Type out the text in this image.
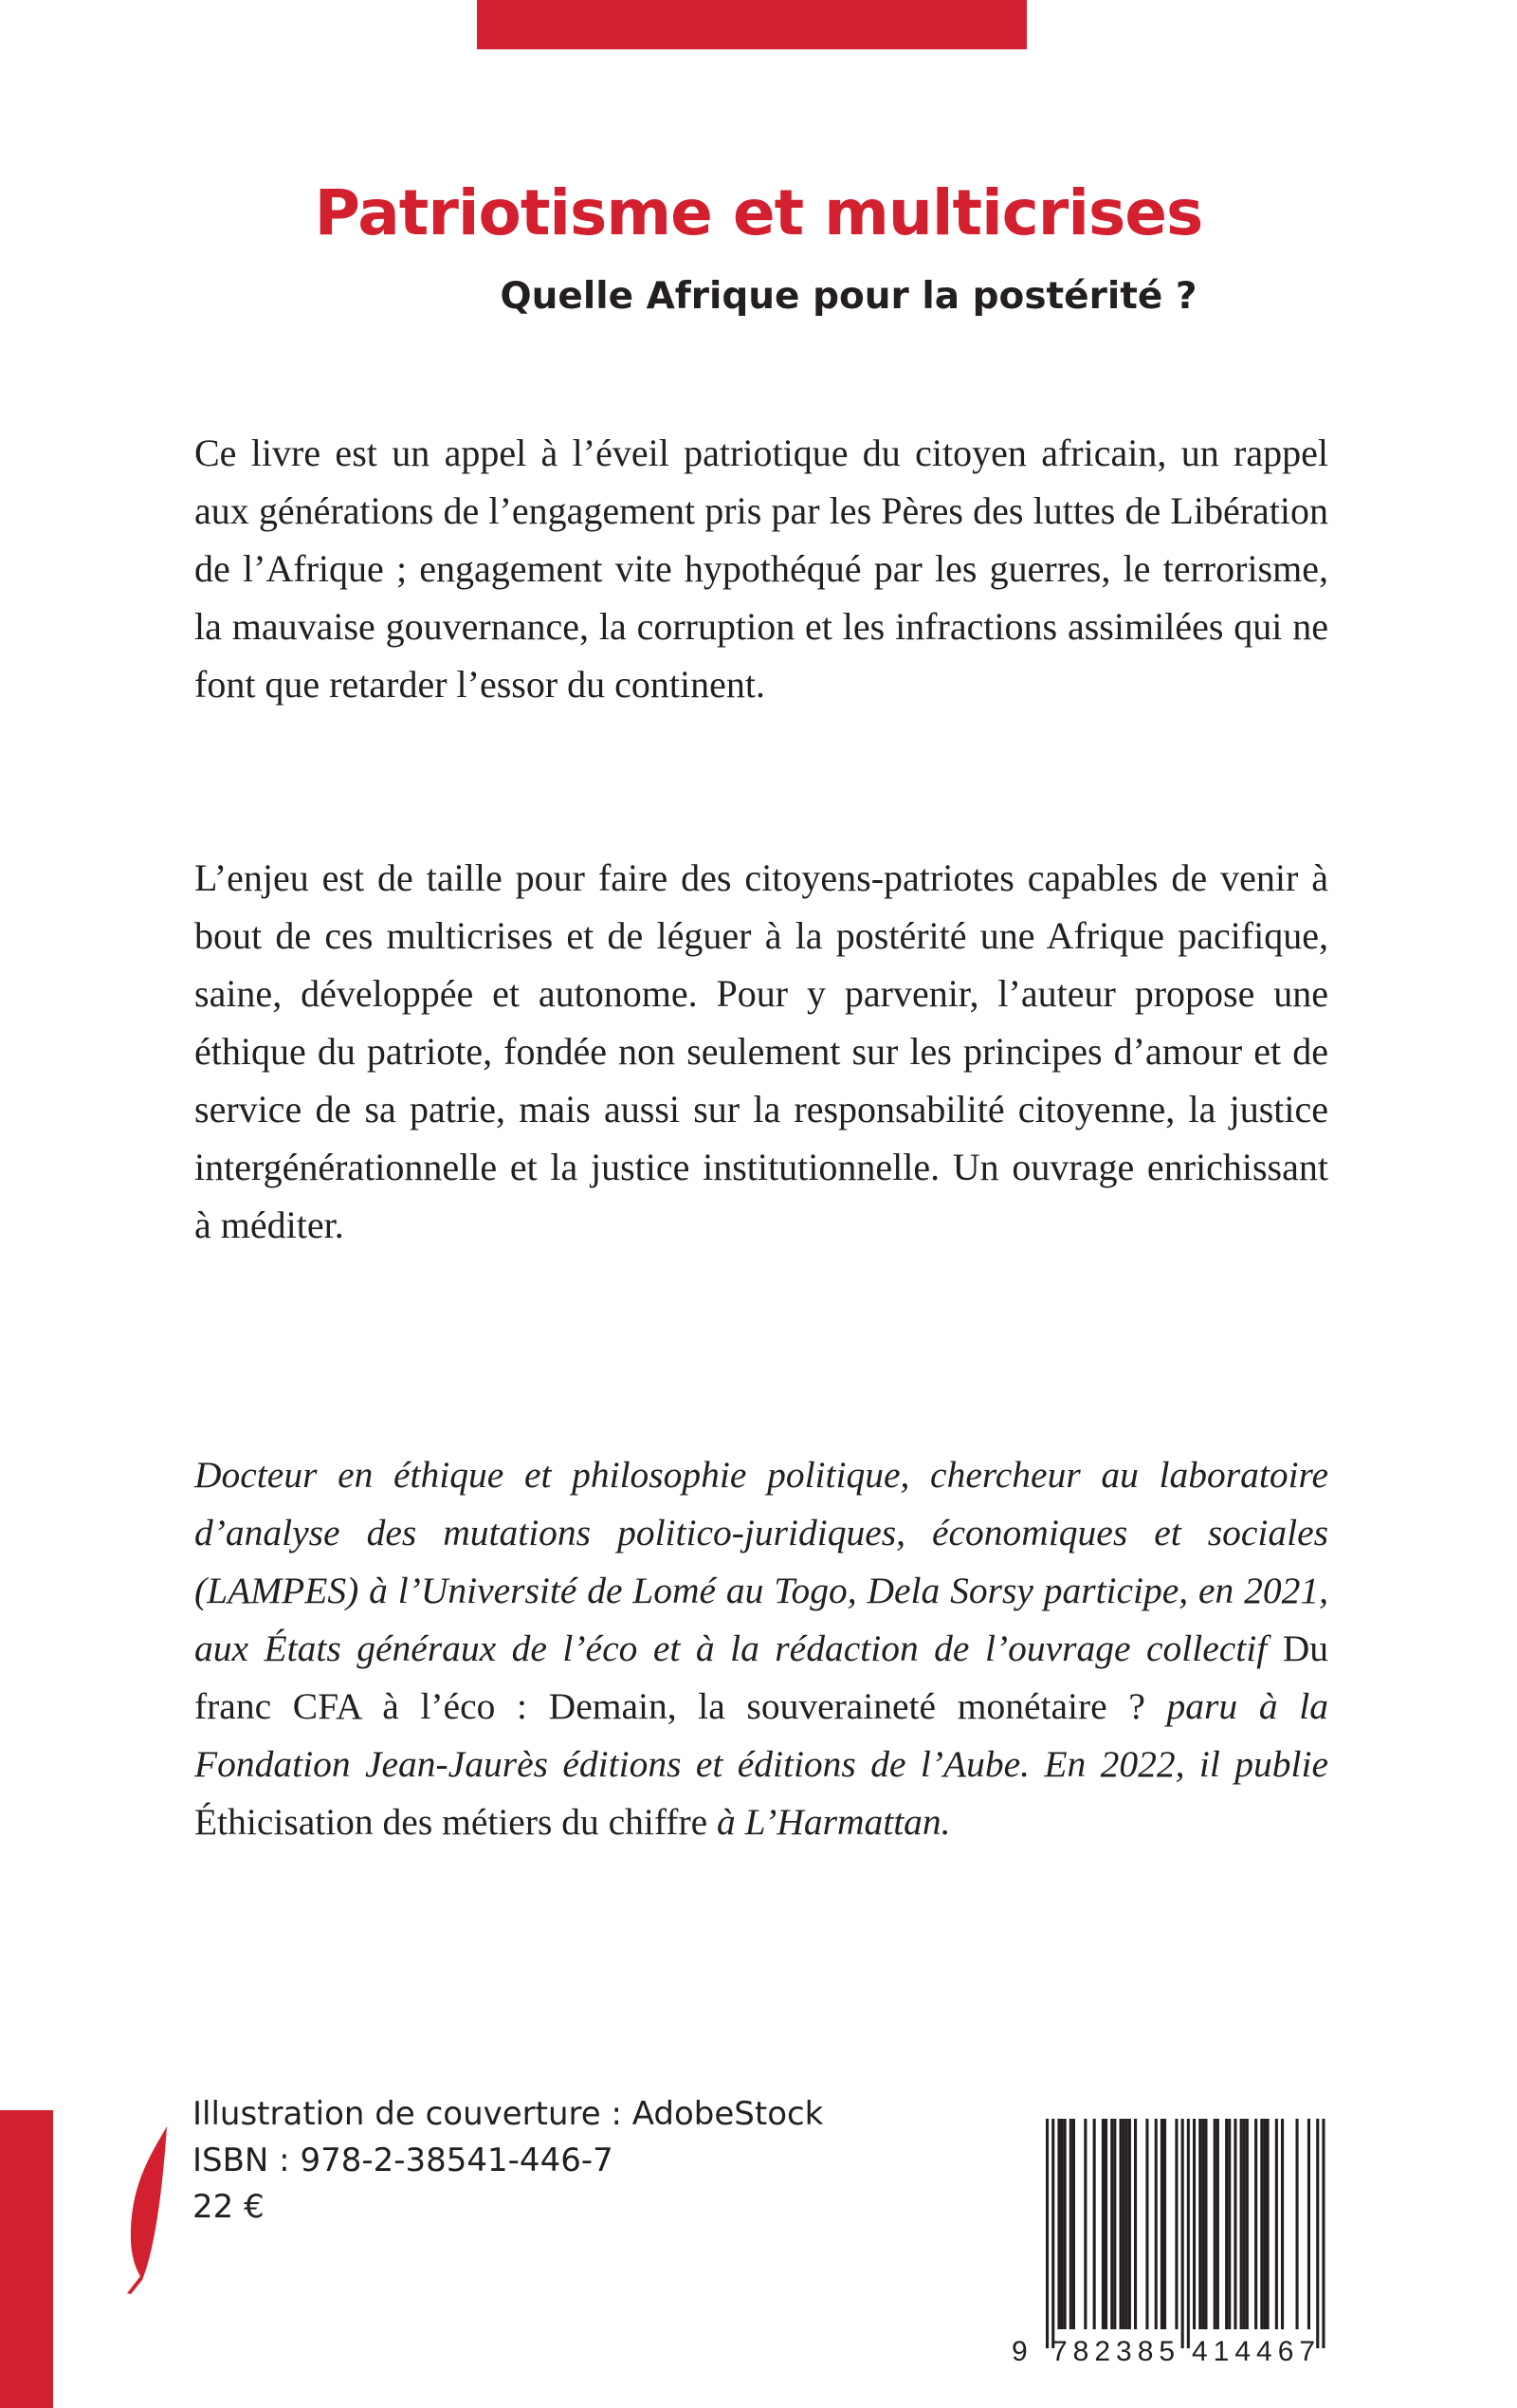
Patriotisme et multicrises
Quelle Afrique pour la postérité ?

Ce livre est un appel à l’éveil patriotique du citoyen africain, un rappel aux générations de l’engagement pris par les Pères des luttes de Libération de l’Afrique ; engagement vite hypothéqué par les guerres, le terrorisme, la mauvaise gouvernance, la corruption et les infractions assimilées qui ne font que retarder l’essor du continent.

L’enjeu est de taille pour faire des citoyens-patriotes capables de venir à bout de ces multicrises et de léguer à la postérité une Afrique pacifique, saine, développée et autonome. Pour y parvenir, l’auteur propose une éthique du patriote, fondée non seulement sur les principes d’amour et de service de sa patrie, mais aussi sur la responsabilité citoyenne, la justice intergénérationnelle et la justice institutionnelle. Un ouvrage enrichissant à méditer.

Docteur en éthique et philosophie politique, chercheur au laboratoire d’analyse des mutations politico-juridiques, économiques et sociales (LAMPES) à l’Université de Lomé au Togo, Dela Sorsy participe, en 2021, aux États généraux de l’éco et à la rédaction de l’ouvrage collectif Du franc CFA à l’éco : Demain, la souveraineté monétaire ? paru à la Fondation Jean-Jaurès éditions et éditions de l’Aube. En 2022, il publie Éthicisation des métiers du chiffre à L’Harmattan.

Illustration de couverture : AdobeStock
ISBN : 978-2-38541-446-7
22 €
9 782385 414467
